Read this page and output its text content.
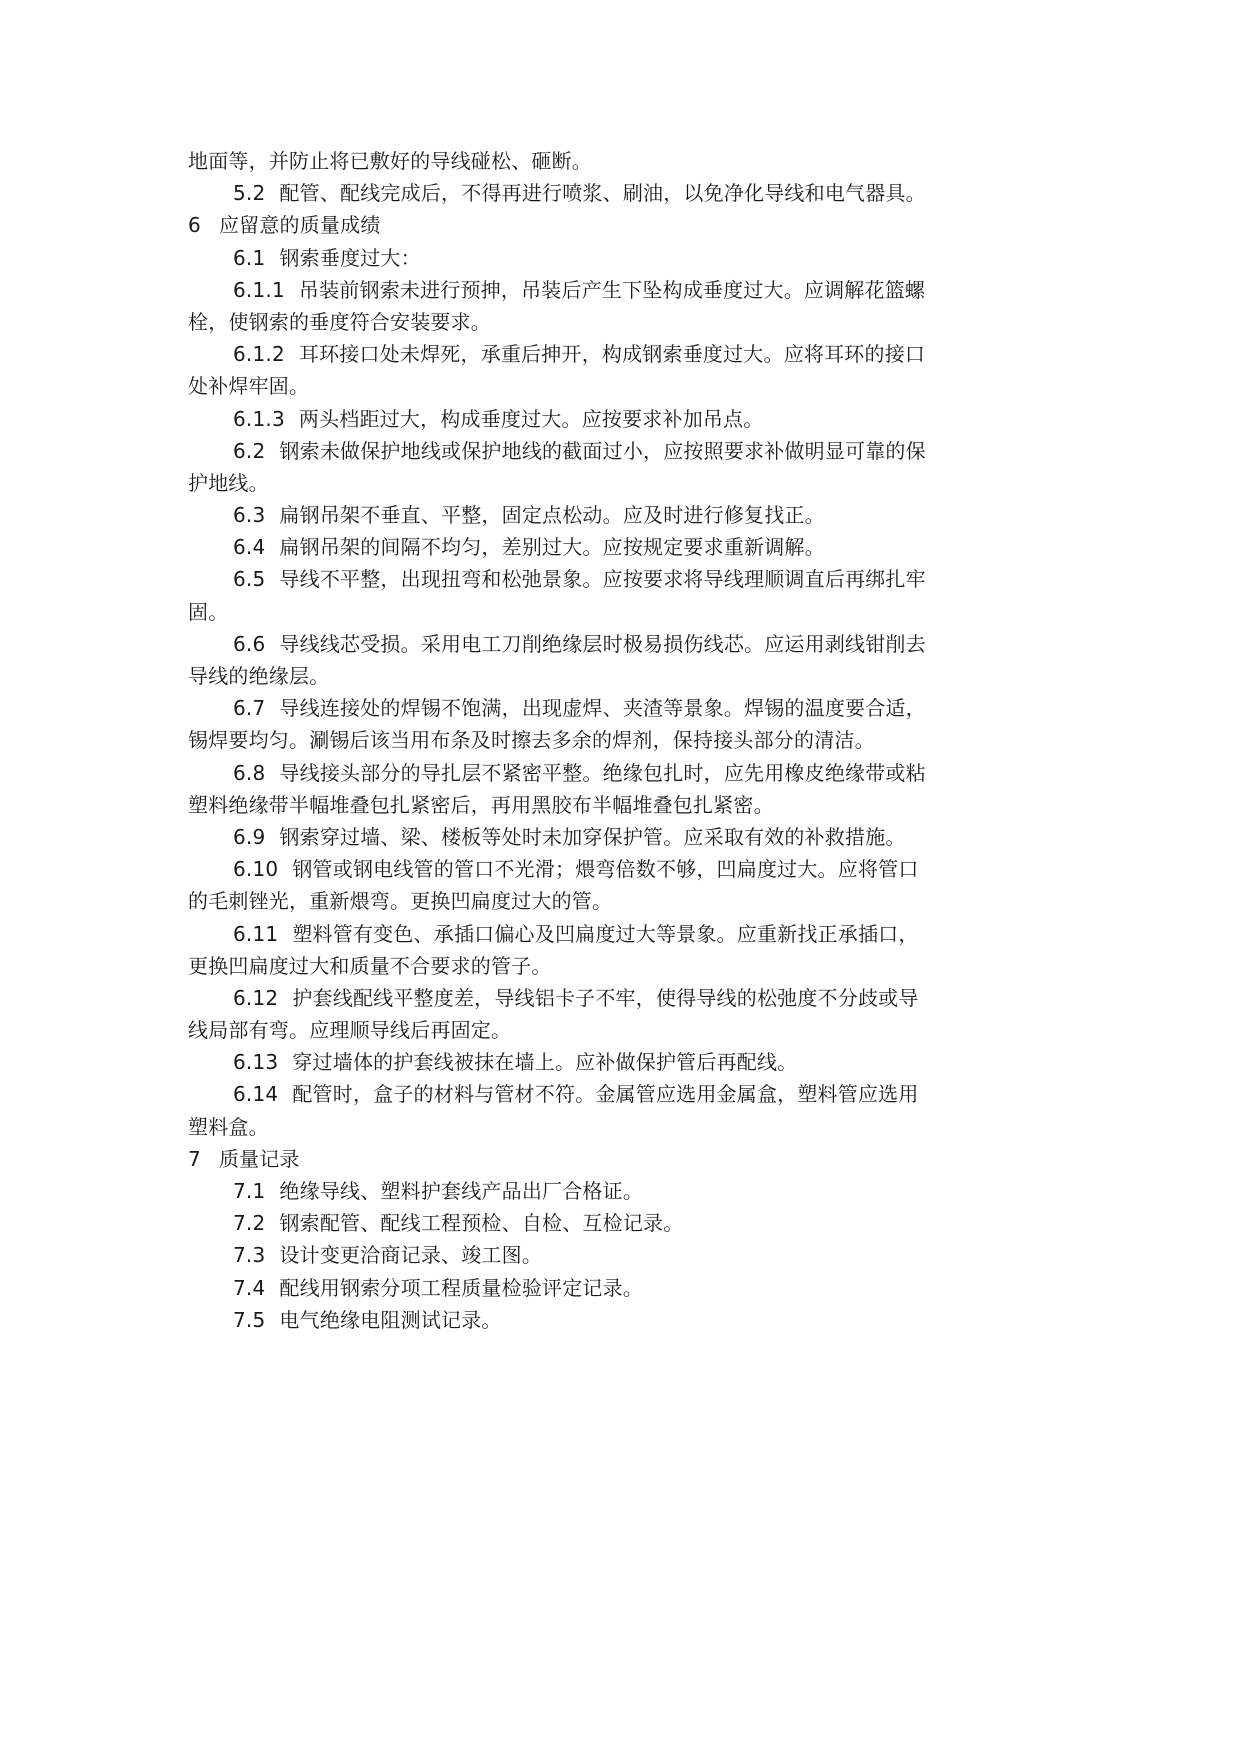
地面等，并防止将已敷好的导线碰松、砸断。
5.2 配管、配线完成后，不得再进行喷浆、刷油，以免净化导线和电气器具。
6 应留意的质量成绩
6.1 钢索垂度过大：
6.1.1 吊装前钢索未进行预抻，吊装后产生下坠构成垂度过大。应调解花篮螺
栓，使钢索的垂度符合安装要求。
6.1.2 耳环接口处未焊死，承重后抻开，构成钢索垂度过大。应将耳环的接口
处补焊牢固。
6.1.3 两头档距过大，构成垂度过大。应按要求补加吊点。
6.2 钢索未做保护地线或保护地线的截面过小，应按照要求补做明显可靠的保
护地线。
6.3 扁钢吊架不垂直、平整，固定点松动。应及时进行修复找正。
6.4 扁钢吊架的间隔不均匀，差别过大。应按规定要求重新调解。
6.5 导线不平整，出现扭弯和松弛景象。应按要求将导线理顺调直后再绑扎牢
固。
6.6 导线线芯受损。采用电工刀削绝缘层时极易损伤线芯。应运用剥线钳削去
导线的绝缘层。
6.7 导线连接处的焊锡不饱满，出现虚焊、夹渣等景象。焊锡的温度要合适，
锡焊要均匀。涮锡后该当用布条及时擦去多余的焊剂，保持接头部分的清洁。
6.8 导线接头部分的导扎层不紧密平整。绝缘包扎时，应先用橡皮绝缘带或粘
塑料绝缘带半幅堆叠包扎紧密后，再用黑胶布半幅堆叠包扎紧密。
6.9 钢索穿过墙、梁、楼板等处时未加穿保护管。应采取有效的补救措施。
6.10 钢管或钢电线管的管口不光滑；煨弯倍数不够，凹扁度过大。应将管口
的毛刺锉光，重新煨弯。更换凹扁度过大的管。
6.11 塑料管有变色、承插口偏心及凹扁度过大等景象。应重新找正承插口，
更换凹扁度过大和质量不合要求的管子。
6.12 护套线配线平整度差，导线铝卡子不牢，使得导线的松弛度不分歧或导
线局部有弯。应理顺导线后再固定。
6.13 穿过墙体的护套线被抹在墙上。应补做保护管后再配线。
6.14 配管时，盒子的材料与管材不符。金属管应选用金属盒，塑料管应选用
塑料盒。
7 质量记录
7.1 绝缘导线、塑料护套线产品出厂合格证。
7.2 钢索配管、配线工程预检、自检、互检记录。
7.3 设计变更洽商记录、竣工图。
7.4 配线用钢索分项工程质量检验评定记录。
7.5 电气绝缘电阻测试记录。
